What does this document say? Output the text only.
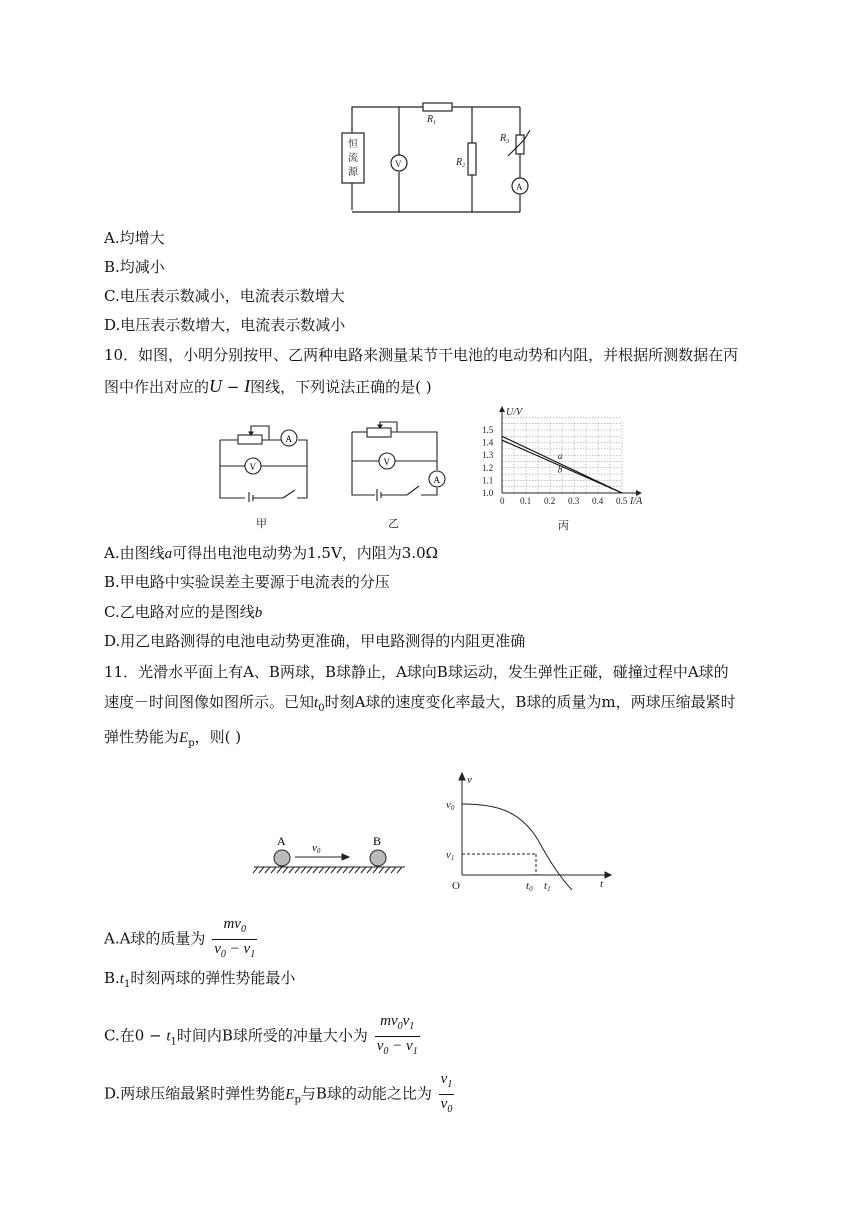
恒
流
源
V
A
$R_1$
$R_2$
$R_3$
A.均增大
B.均减小
C.电压表示数减小，电流表示数增大
D.电压表示数增大，电流表示数减小
10．如图，小明分别按甲、乙两种电路来测量某节干电池的电动势和内阻，并根据所测数据在丙
图中作出对应的U − I图线，下列说法正确的是( )
A
V
甲
A
V
乙
0 0.1 0.2 0.3 0.4 0.5
1.0
1.1
1.2
1.3
1.4
1.5
U/V
I/A
a
b
丙
A.由图线a可得出电池电动势为1.5V，内阻为3.0Ω
B.甲电路中实验误差主要源于电流表的分压
C.乙电路对应的是图线b
D.用乙电路测得的电池电动势更准确，甲电路测得的内阻更准确
11．光滑水平面上有A、B两球，B球静止，A球向B球运动，发生弹性正碰，碰撞过程中A球的
速度－时间图像如图所示。已知$t_0$时刻A球的速度变化率最大，B球的质量为m，两球压缩最紧时
弹性势能为$E_p$，则( )
A	B
v0
v
t
O
v0
v1
t0 t1
A.A球的质量为 $\frac{mv_0}{v_0 - v_1}$
$B.t_1$时刻两球的弹性势能最小
C.在$0 - t_1$时间内B球所受的冲量大小为 $\frac{mv_0v_1}{v_0 - v_1}$
D.两球压缩最紧时弹性势能$E_p$与B球的动能之比为 $\frac{v_1}{v_0}$
